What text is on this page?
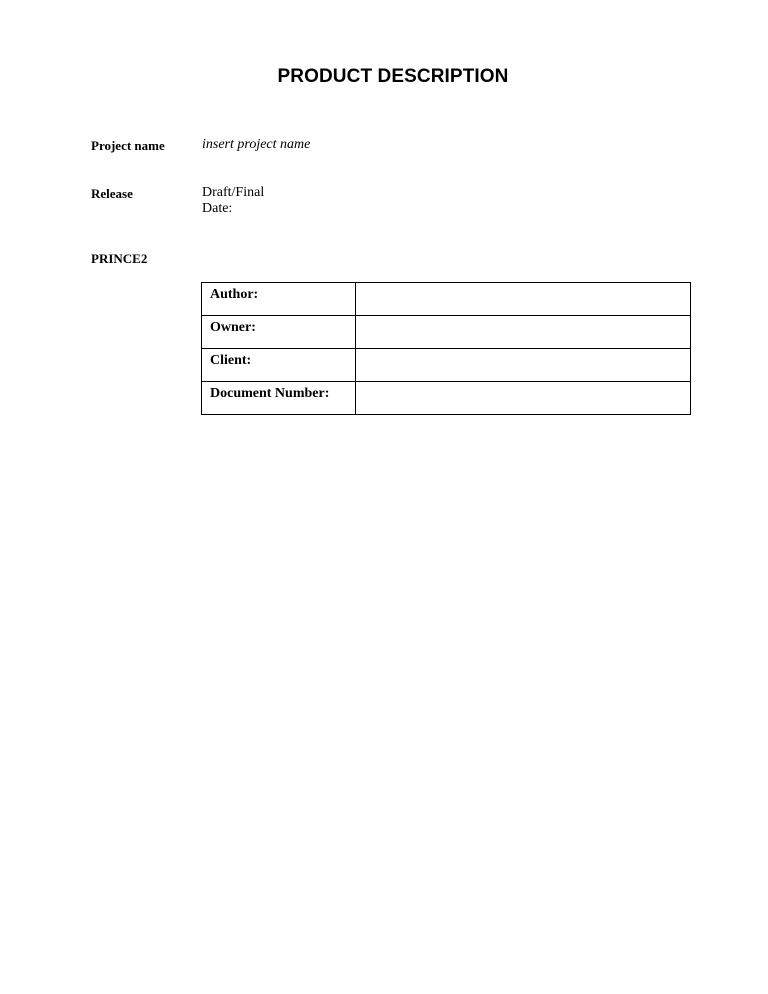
PRODUCT DESCRIPTION
Project name	insert project name
Release	Draft/Final
Date:
PRINCE2
Author:	
Owner:	
Client:	
Document Number:	
